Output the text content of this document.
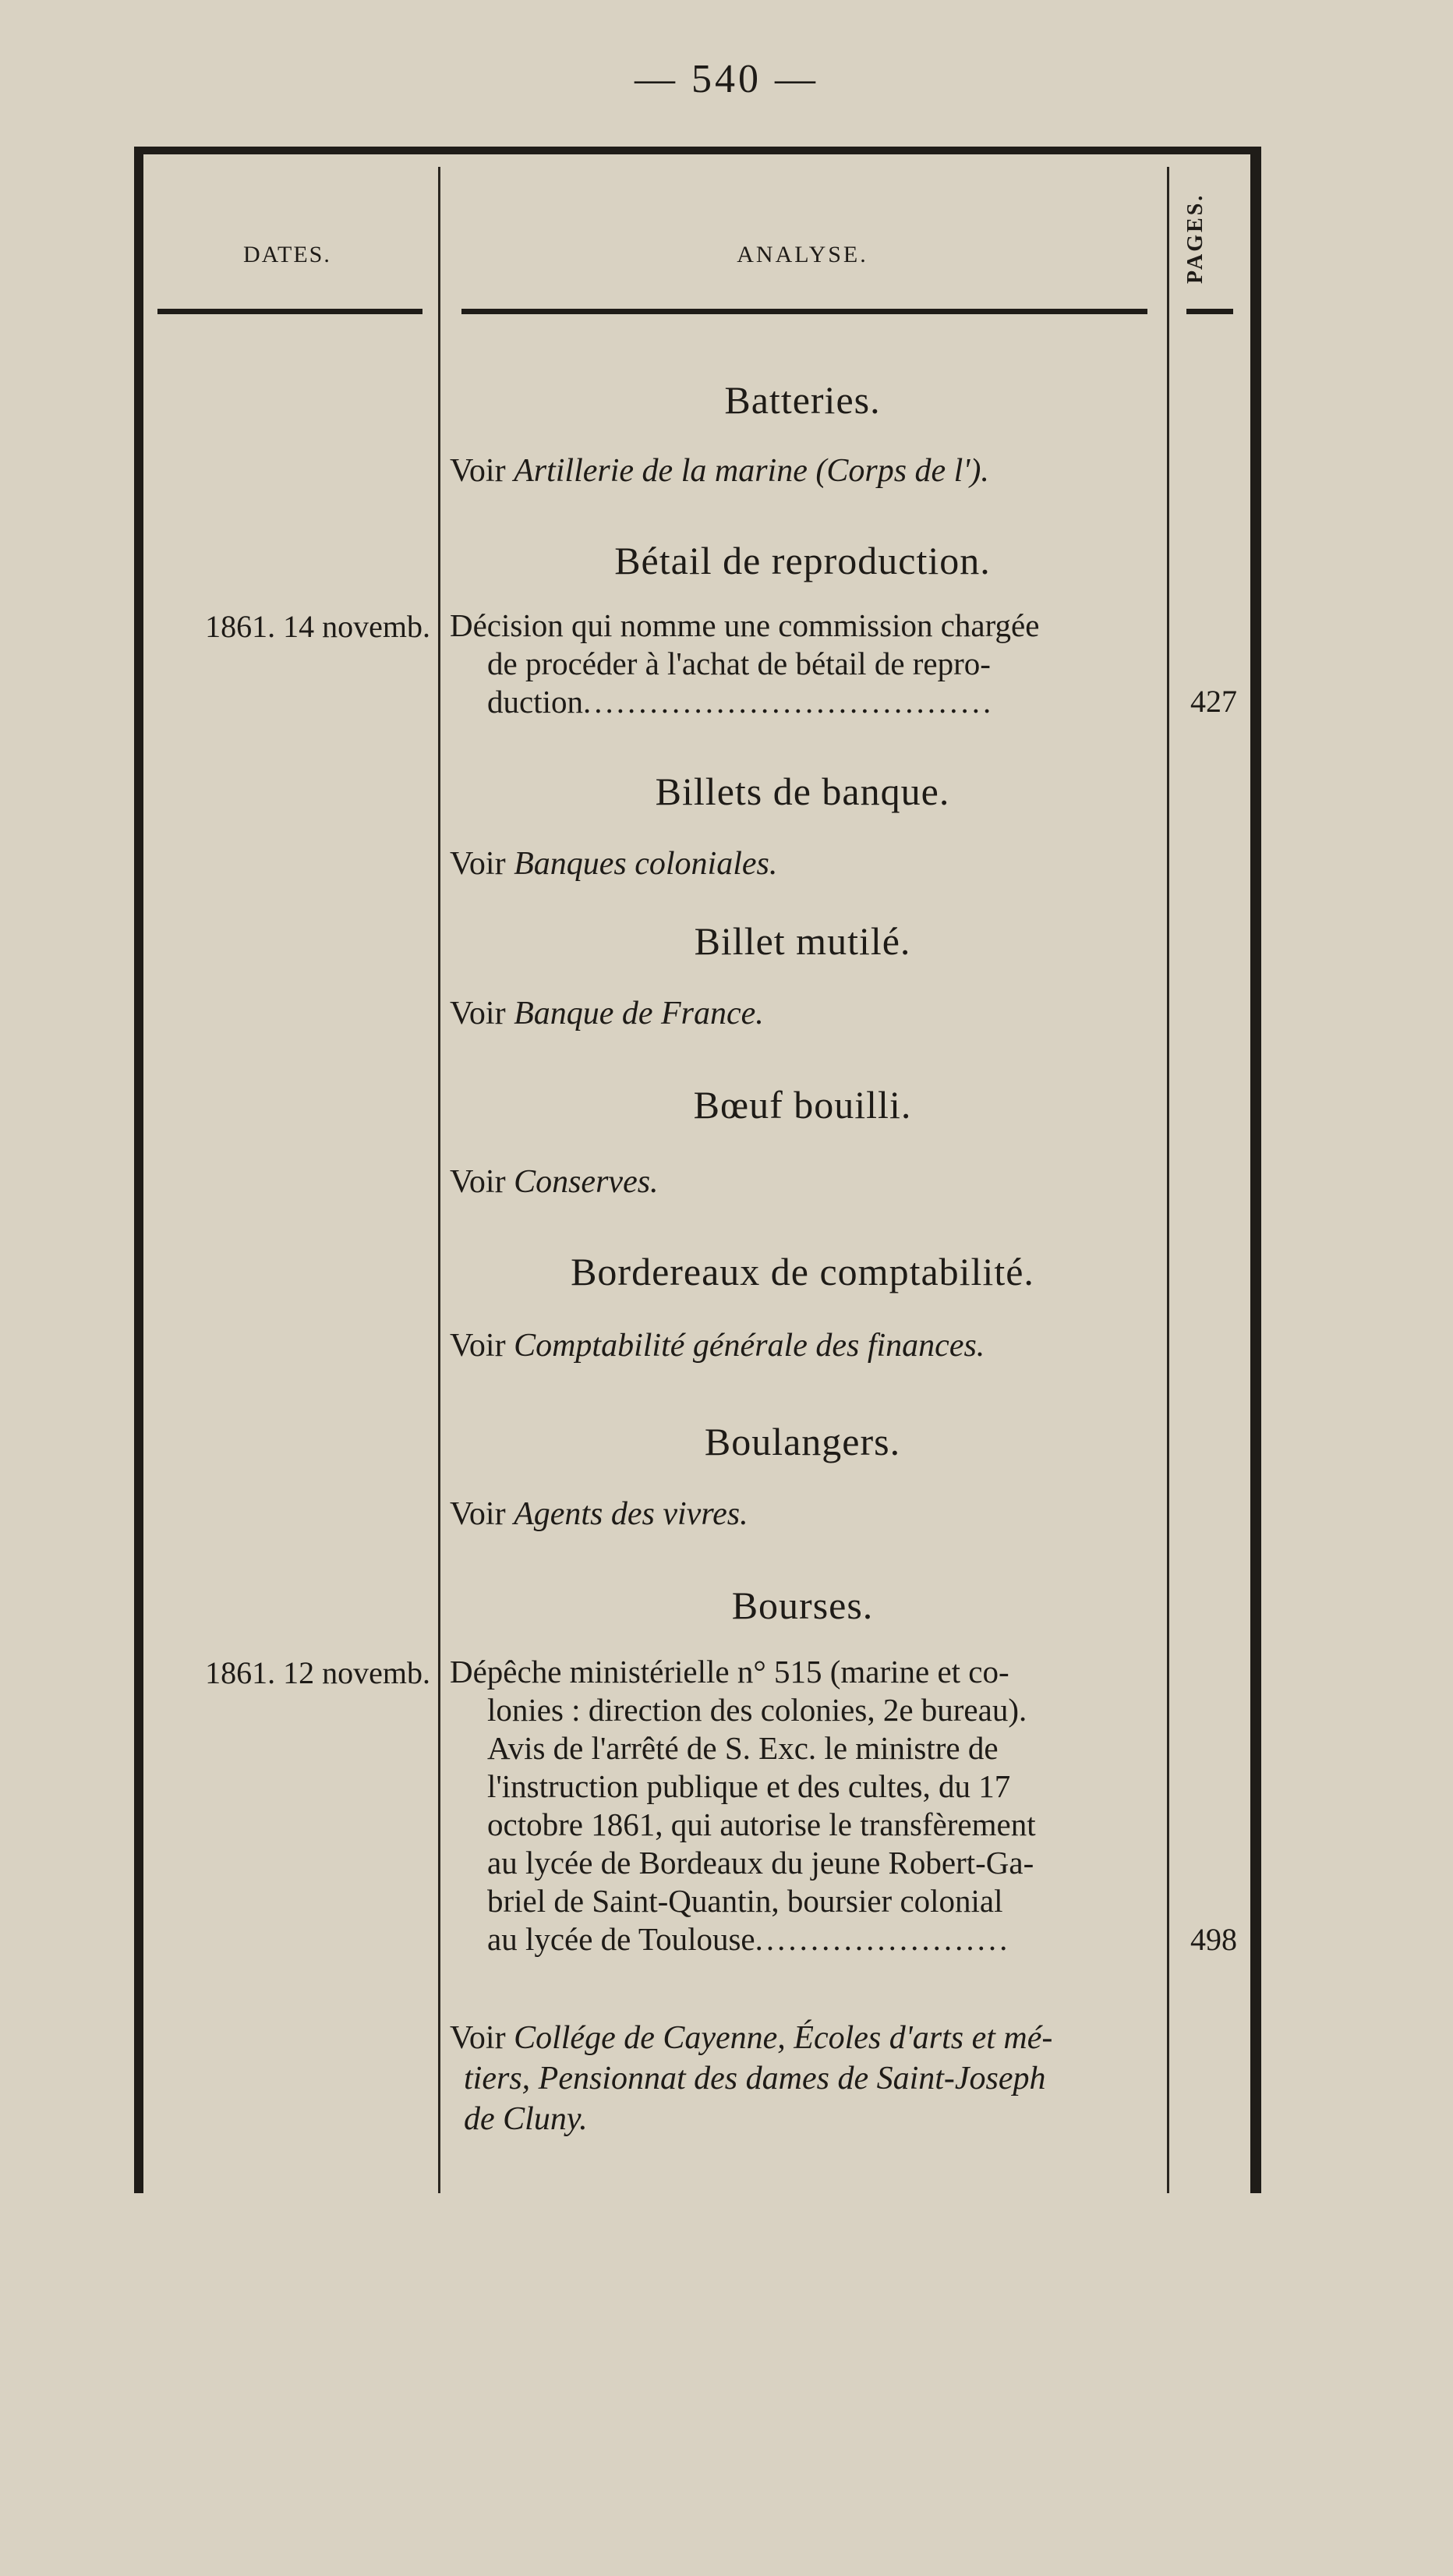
— 540 —
DATES.	ANALYSE.	PAGES.
Batteries.
Voir Artillerie de la marine (Corps de l').
Bétail de reproduction.
1861. 14 novemb. Décision qui nomme une commission chargée
de procéder à l'achat de bétail de repro-
duction.....................................	427
Billets de banque.
Voir Banques coloniales.
Billet mutilé.
Voir Banque de France.
Bœuf bouilli.
Voir Conserves.
Bordereaux de comptabilité.
Voir Comptabilité générale des finances.
Boulangers.
Voir Agents des vivres.
Bourses.
1861. 12 novemb. Dépêche ministérielle n° 515 (marine et co-
lonies : direction des colonies, 2e bureau).
Avis de l'arrêté de S. Exc. le ministre de
l'instruction publique et des cultes, du 17
octobre 1861, qui autorise le transfèrement
au lycée de Bordeaux du jeune Robert-Ga-
briel de Saint-Quantin, boursier colonial
au lycée de Toulouse.......................	498
Voir Collége de Cayenne, Écoles d'arts et mé-
tiers, Pensionnat des dames de Saint-Joseph
de Cluny.
